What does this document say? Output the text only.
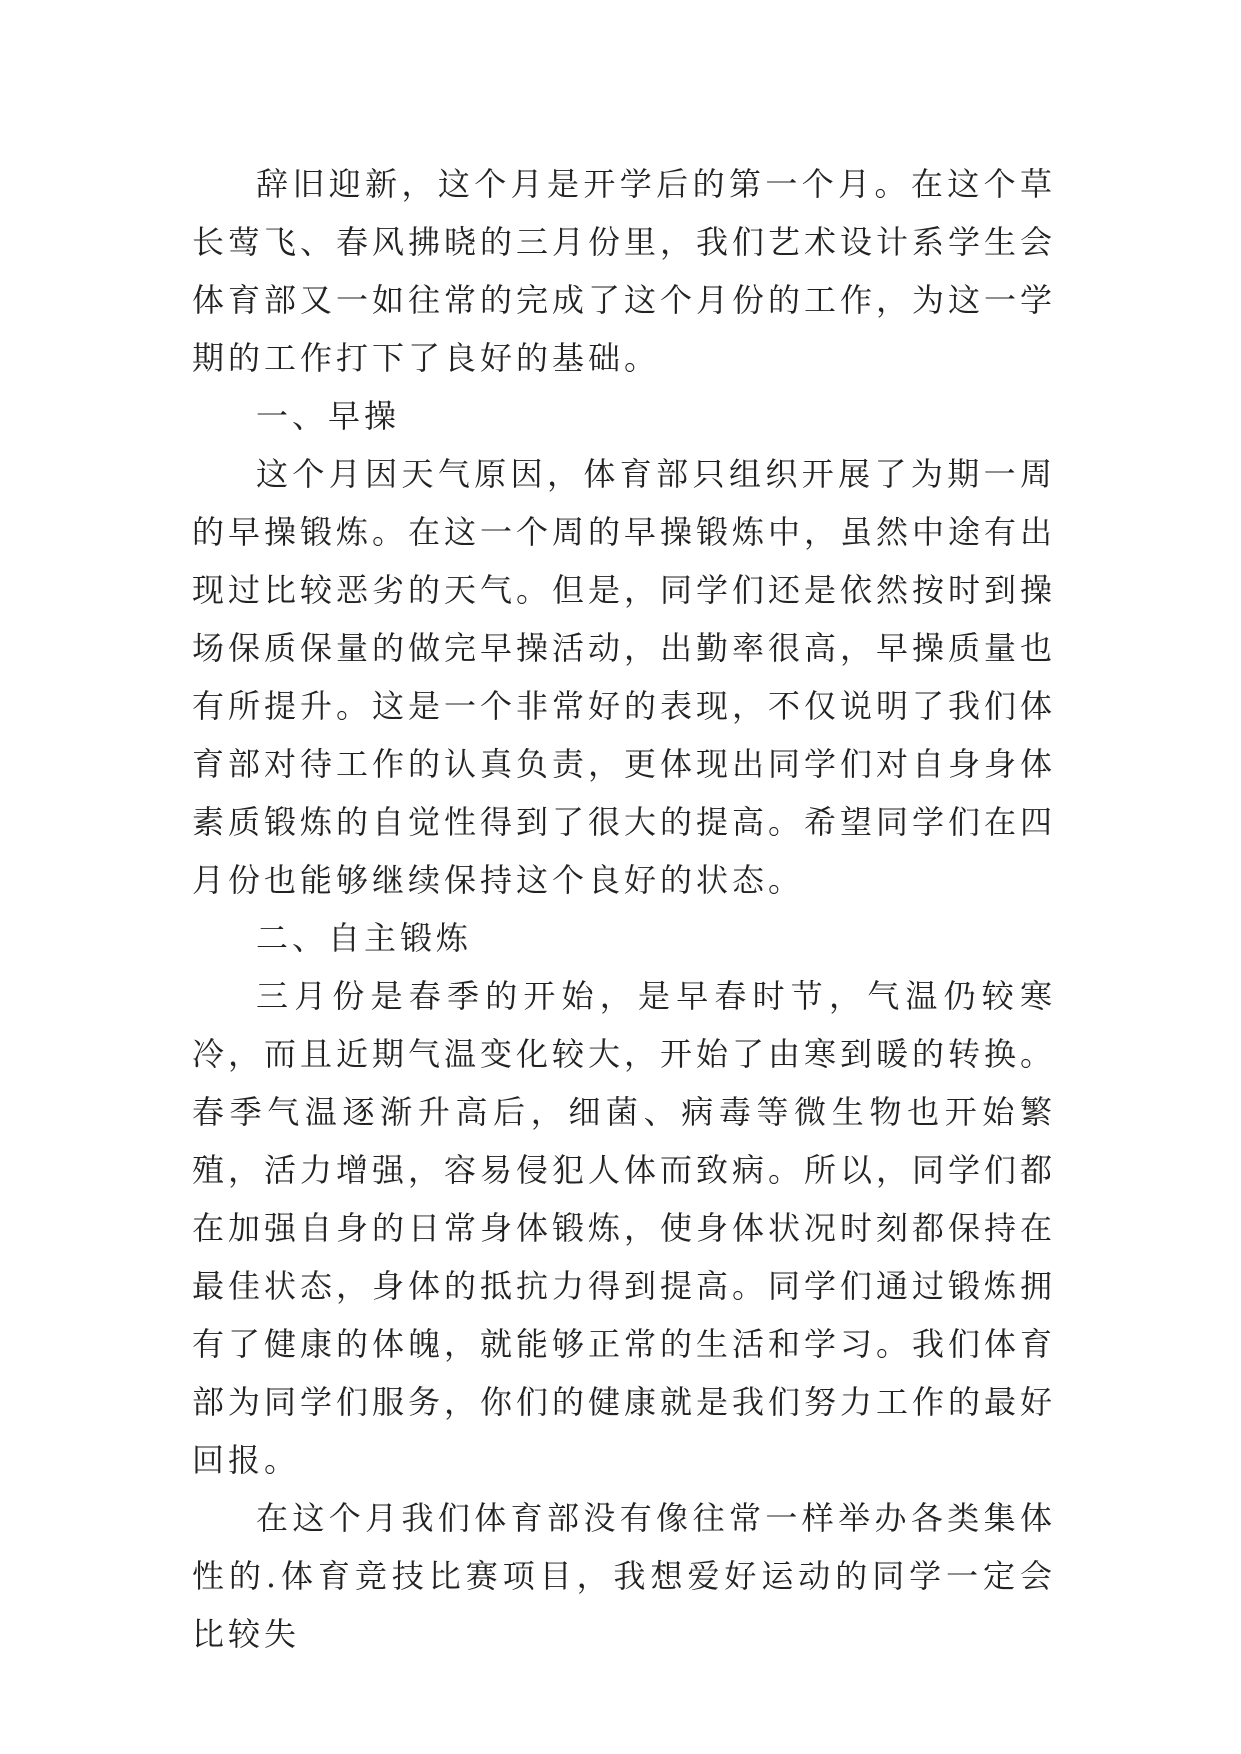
辞旧迎新，这个月是开学后的第一个月。在这个草长莺飞、春风拂晓的三月份里，我们艺术设计系学生会体育部又一如往常的完成了这个月份的工作，为这一学期的工作打下了良好的基础。

一、早操

这个月因天气原因，体育部只组织开展了为期一周的早操锻炼。在这一个周的早操锻炼中，虽然中途有出现过比较恶劣的天气。但是，同学们还是依然按时到操场保质保量的做完早操活动，出勤率很高，早操质量也有所提升。这是一个非常好的表现，不仅说明了我们体育部对待工作的认真负责，更体现出同学们对自身身体素质锻炼的自觉性得到了很大的提高。希望同学们在四月份也能够继续保持这个良好的状态。

二、自主锻炼

三月份是春季的开始，是早春时节，气温仍较寒冷，而且近期气温变化较大，开始了由寒到暖的转换。春季气温逐渐升高后，细菌、病毒等微生物也开始繁殖，活力增强，容易侵犯人体而致病。所以，同学们都在加强自身的日常身体锻炼，使身体状况时刻都保持在最佳状态，身体的抵抗力得到提高。同学们通过锻炼拥有了健康的体魄，就能够正常的生活和学习。我们体育部为同学们服务，你们的健康就是我们努力工作的最好回报。

在这个月我们体育部没有像往常一样举办各类集体性的.体育竞技比赛项目，我想爱好运动的同学一定会比较失
